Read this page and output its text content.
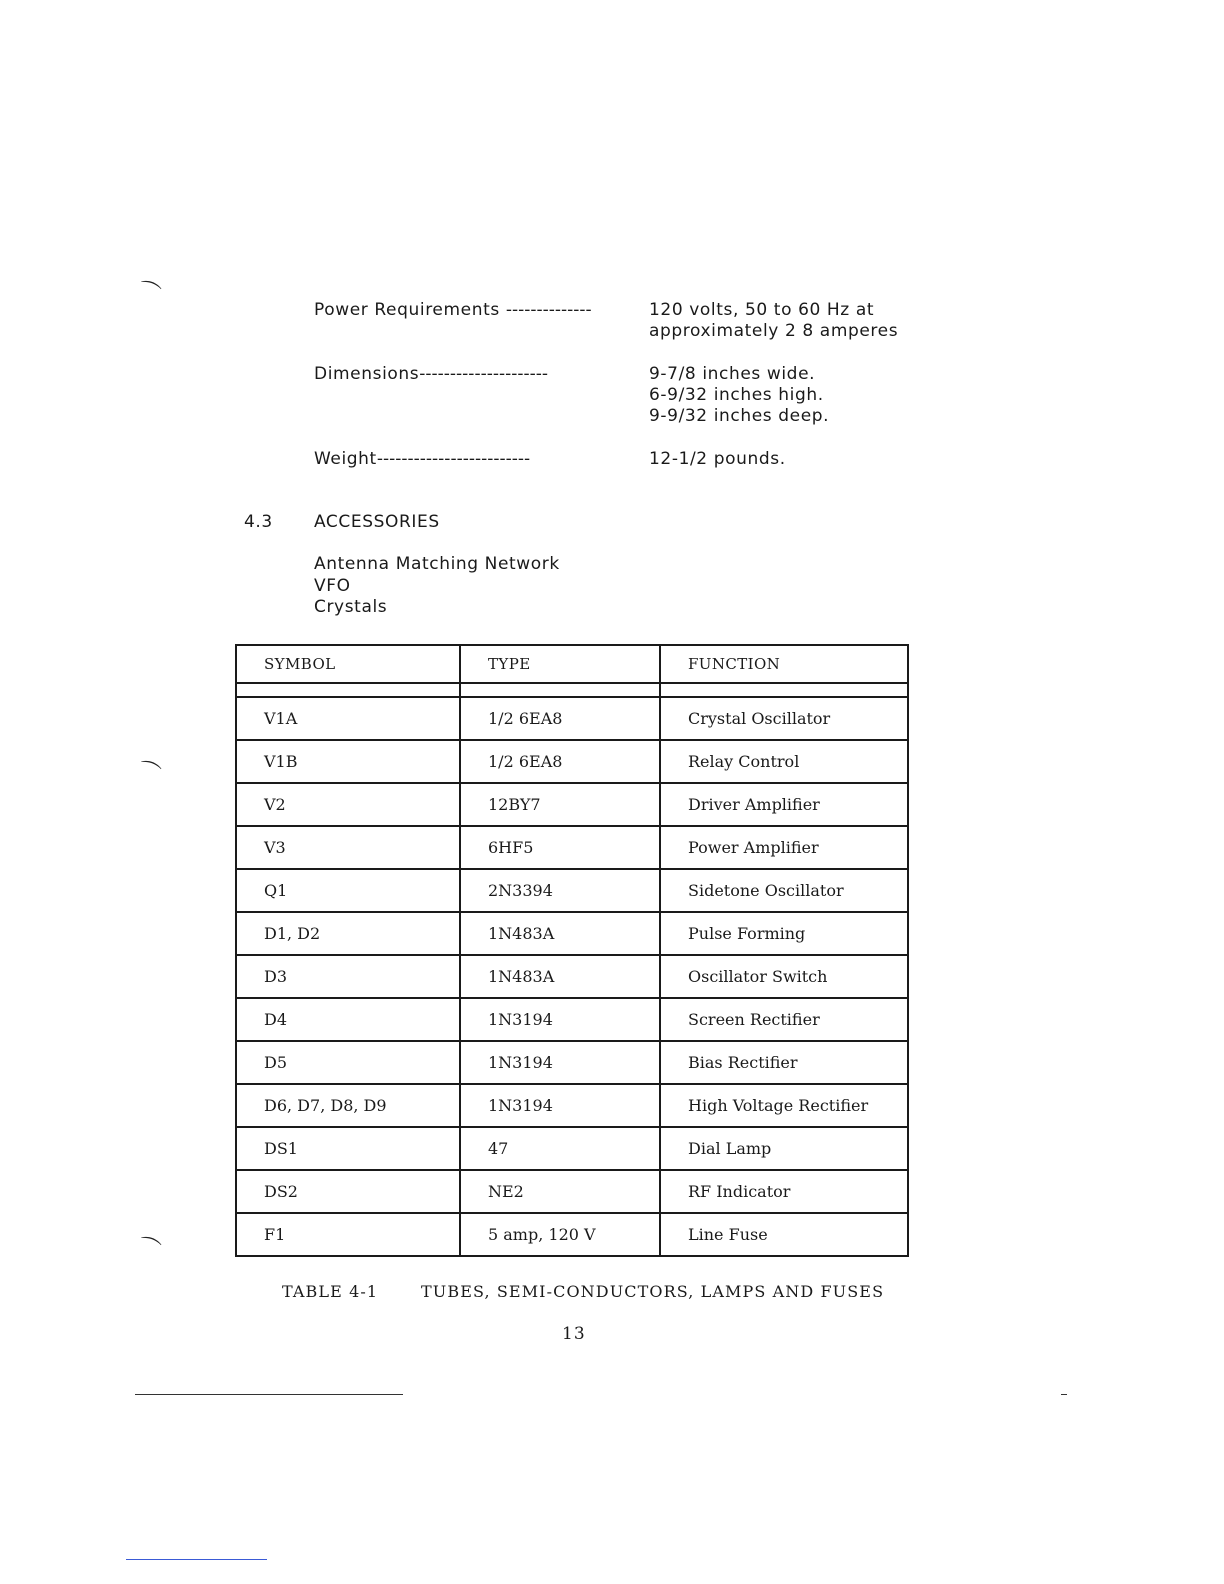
⌒
⌒
⌒
Power Requirements --------------	120 volts, 50 to 60 Hz at
approximately 2 8 amperes
Dimensions---------------------	9-7/8 inches wide.
6-9/32 inches high.
9-9/32 inches deep.
Weight-------------------------	12-1/2 pounds.
4.3 ACCESSORIES
Antenna Matching Network
VFO
Crystals
SYMBOL	TYPE	FUNCTION

V1A	1/2 6EA8	Crystal Oscillator
V1B	1/2 6EA8	Relay Control
V2	12BY7	Driver Amplifier
V3	6HF5	Power Amplifier
Q1	2N3394	Sidetone Oscillator
D1, D2	1N483A	Pulse Forming
D3	1N483A	Oscillator Switch
D4	1N3194	Screen Rectifier
D5	1N3194	Bias Rectifier
D6, D7, D8, D9	1N3194	High Voltage Rectifier
DS1	47	Dial Lamp
DS2	NE2	RF Indicator
F1	5 amp, 120 V	Line Fuse
TABLE 4-1	TUBES, SEMI-CONDUCTORS, LAMPS AND FUSES
13
